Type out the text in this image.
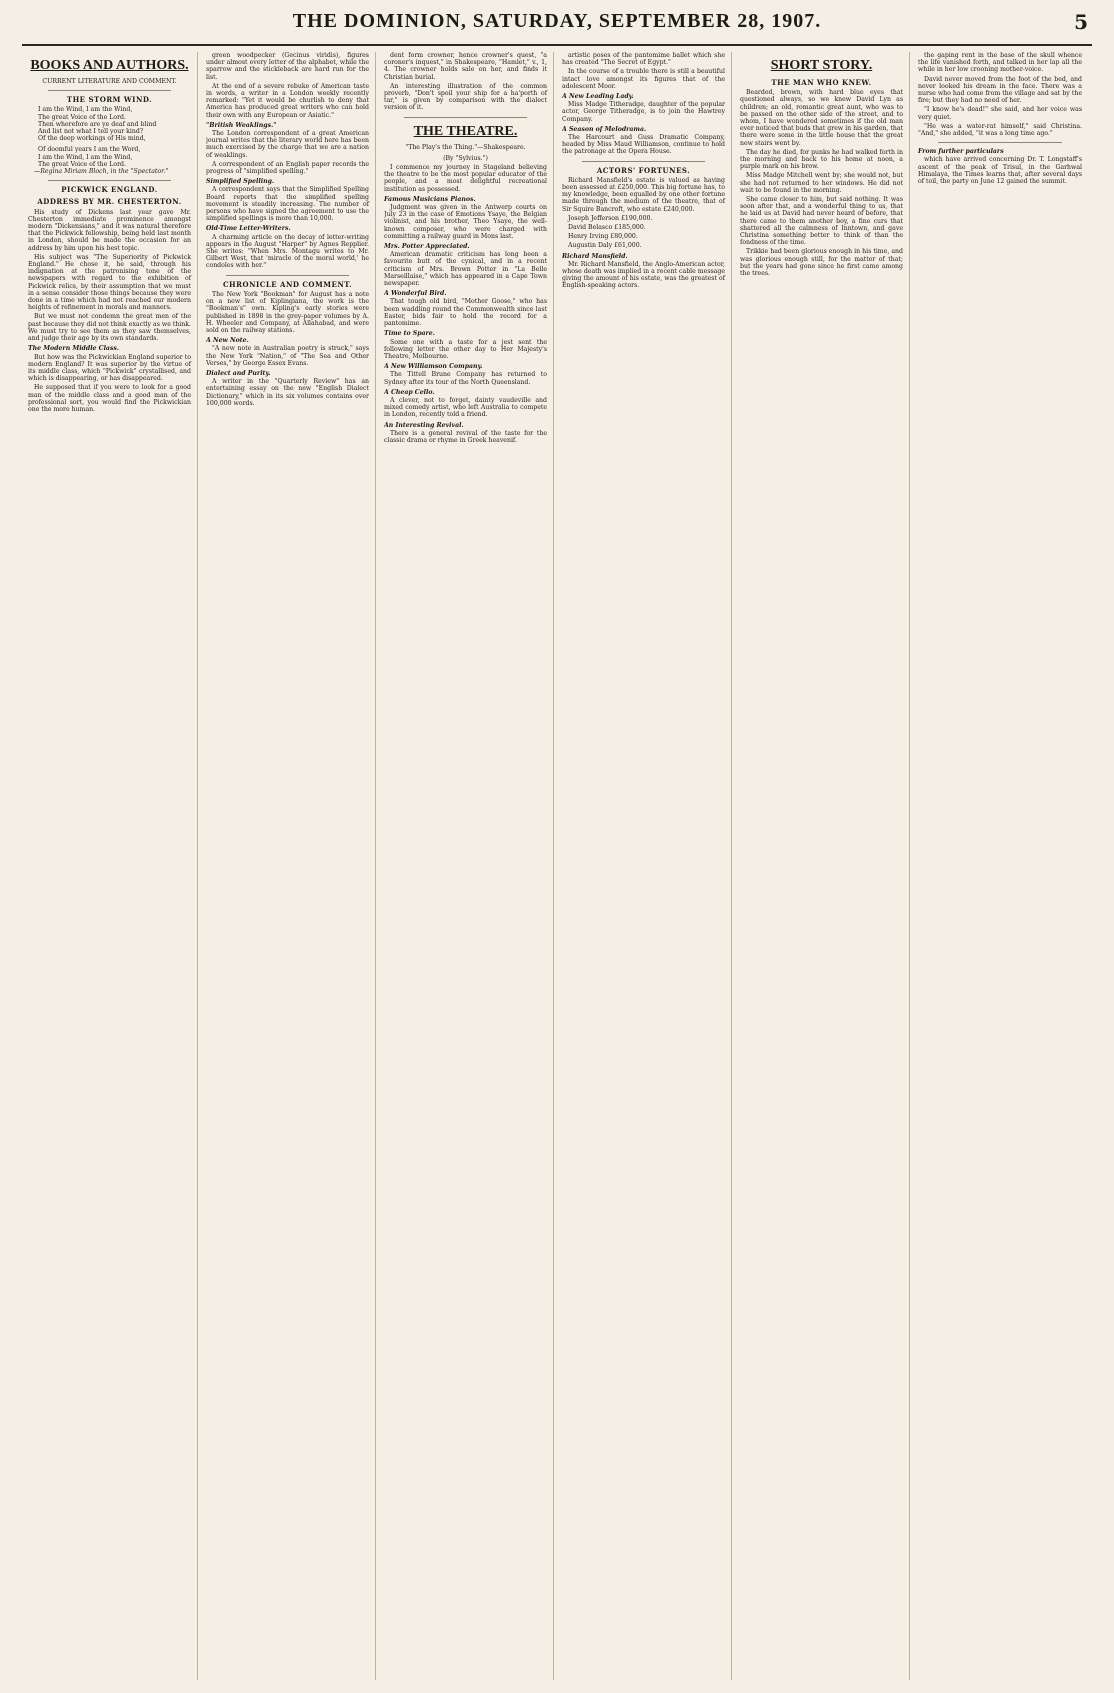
THE DOMINION, SATURDAY, SEPTEMBER 28, 1907.	5
BOOKS AND AUTHORS.
CURRENT LITERATURE AND COMMENT.
THE STORM WIND.

I am the Wind, I am the Wind,

The great Voice of the Lord.

Then wherefore are ye deaf and blind

And list not what I tell your kind?

Of the deep workings of His mind,

Of doomful years I am the Word,

I am the Wind, I am the Wind,

The great Voice of the Lord.

—Regina Miriam Bloch, in the "Spectator."

PICKWICK ENGLAND.
ADDRESS BY MR. CHESTERTON.

His study of Dickens last year gave Mr. Chesterton immediate prominence amongst modern "Dickensians," and it was natural therefore that the Pickwick fellowship, being held last month in London, should be made the occasion for an address by him upon his best topic.

His subject was "The Superiority of Pickwick England." He chose it, he said, through his indignation at the patronising tone of the newspapers with regard to the exhibition of Pickwick relics, by their assumption that we must in a sense consider those things because they were done in a time which had not reached our modern heights of refinement in morals and manners.

But we must not condemn the great men of the past because they did not think exactly as we think. We must try to see them as they saw themselves, and judge their age by its own standards.

The Modern Middle Class.

But how was the Pickwickian England superior to modern England? It was superior by the virtue of its middle class, which "Pickwick" crystallised, and which is disappearing, or has disappeared.

He supposed that if you were to look for a good man of the middle class and a good man of the professional sort, you would find the Pickwickian one the more human.

green woodpecker (Gecinus viridis), figures under almost every letter of the alphabet, while the sparrow and the stickleback are hard run for the list.

At the end of a severe rebuke of American taste in words, a writer in a London weekly recently remarked: "Yet it would be churlish to deny that America has produced great writers who can hold their own with any European or Asiatic."

"British Weaklings."

The London correspondent of a great American journal writes that the literary world here has been much exercised by the charge that we are a nation of weaklings.

A correspondent of an English paper records the progress of "simplified spelling."

Simplified Spelling.

A correspondent says that the Simplified Spelling Board reports that the simplified spelling movement is steadily increasing. The number of persons who have signed the agreement to use the simplified spellings is more than 10,000.

Old-Time Letter-Writers.

A charming article on the decay of letter-writing appears in the August "Harper" by Agnes Repplier. She writes: "When Mrs. Montagu writes to Mr. Gilbert West, that 'miracle of the moral world,' he condoles with her."

CHRONICLE AND COMMENT.

The New York "Bookman" for August has a note on a new list of Kiplingiana, the work is the "Bookman's" own. Kipling's early stories were published in 1898 in the grey-paper volumes by A. H. Wheeler and Company, at Allahabad, and were sold on the railway stations.

A New Note.

"A new note in Australian poetry is struck," says the New York "Nation," of "The Sea and Other Verses," by George Essex Evans.

Dialect and Purity.

A writer in the "Quarterly Review" has an entertaining essay on the new "English Dialect Dictionary," which in its six volumes contains over 100,000 words.

dent form crowner, hence crowner's quest, "a coroner's inquest," in Shakespeare, "Hamlet," v., 1, 4. The crowner holds sale on her, and finds it Christian burial.

An interesting illustration of the common proverb, "Don't spoil your ship for a ha'porth of tar," is given by comparison with the dialect version of it.

THE THEATRE.
"The Play's the Thing."—Shakespeare.
(By "Sylvius.")

I commence my journey in Stageland believing the theatre to be the most popular educator of the people, and a most delightful recreational institution as possessed.

Famous Musicians Pianos.

Judgment was given in the Antwerp courts on July 23 in the case of Emotions Ysaye, the Belgian violinist, and his brother, Theo Ysaye, the well-known composer, who were charged with committing a railway guard in Mons last.

Mrs. Potter Appreciated.

American dramatic criticism has long been a favourite butt of the cynical, and in a recent criticism of Mrs. Brown Potter in "La Belle Marseillaise," which has appeared in a Cape Town newspaper.

A Wonderful Bird.

That tough old bird, "Mother Goose," who has been waddling round the Commonwealth since last Easter, bids fair to hold the record for a pantomime.

Time to Spare.

Some one with a taste for a jest sent the following letter the other day to Her Majesty's Theatre, Melbourne.

A New Williamson Company.

The Tittell Brune Company has returned to Sydney after its tour of the North Queensland.

A Cheap Cello.

A clever, not to forget, dainty vaudeville and mixed comedy artist, who left Australia to compete in London, recently told a friend.

An Interesting Revival.

There is a general revival of the taste for the classic drama or rhyme in Greek heavenif.

artistic poses of the pantomime ballet which she has created "The Secret of Egypt."

In the course of a trouble there is still a beautiful intact love amongst its figures that of the adolescent Moor.

A New Leading Lady.

Miss Madge Titheradge, daughter of the popular actor, George Titheradge, is to join the Hawtrey Company.

A Season of Melodrama.

The Harcourt and Guss Dramatic Company, headed by Miss Maud Williamson, continue to hold the patronage at the Opera House.

ACTORS' FORTUNES.

Richard Mansfield's estate is valued as having been assessed at £250,000. This big fortune has, to my knowledge, been equalled by one other fortune made through the medium of the theatre, that of Sir Squire Bancroft, who estate £240,000.

Joseph Jefferson £190,000.

David Belasco £185,000.

Henry Irving £80,000.

Augustin Daly £61,000.

Richard Mansfield.

Mr. Richard Mansfield, the Anglo-American actor, whose death was implied in a recent cable message giving the amount of his estate, was the greatest of English-speaking actors.

SHORT STORY.
THE MAN WHO KNEW.

Bearded, brown, with hard blue eyes that questioned always, so we knew David Lyn as children; an old, romantic great aunt, who was to be passed on the other side of the street, and to whom, I have wondered sometimes if the old man ever noticed that buds that grew in his garden, that there were some in the little house that the great new stairs went by.

The day he died, for punks he had walked forth in the morning and back to his home at noon, a purple mark on his brow.

Miss Madge Mitchell went by; she would not, but she had not returned to her windows. He did not wait to be found in the morning.

She came closer to him, but said nothing. It was soon after that, and a wonderful thing to us, that he laid us at David had never heard of before, that there came to them another boy, a fine curs that shattered all the calmness of Inntown, and gave Christina something better to think of than the fondness of the time.

Trikkie had been glorious enough in his time, and was glorious enough still, for the matter of that; but the years had gone since he first came among the trees.

the gaping rent in the base of the skull whence the life vanished forth, and talked in her lap all the while in her low crooning mother-voice.

David never moved from the foot of the bed, and never looked his dream in the face. There was a nurse who had come from the village and sat by the fire; but they had no need of her.

"I know he's dead!" she said, and her voice was very quiet.

"He was a water-rat himself," said Christina. "And," she added, "it was a long time ago."

From further particulars

which have arrived concerning Dr. T. Longstaff's ascent of the peak of Trisul, in the Garhwal Himalaya, the Times learns that, after several days of toil, the party on June 12 gained the summit.
